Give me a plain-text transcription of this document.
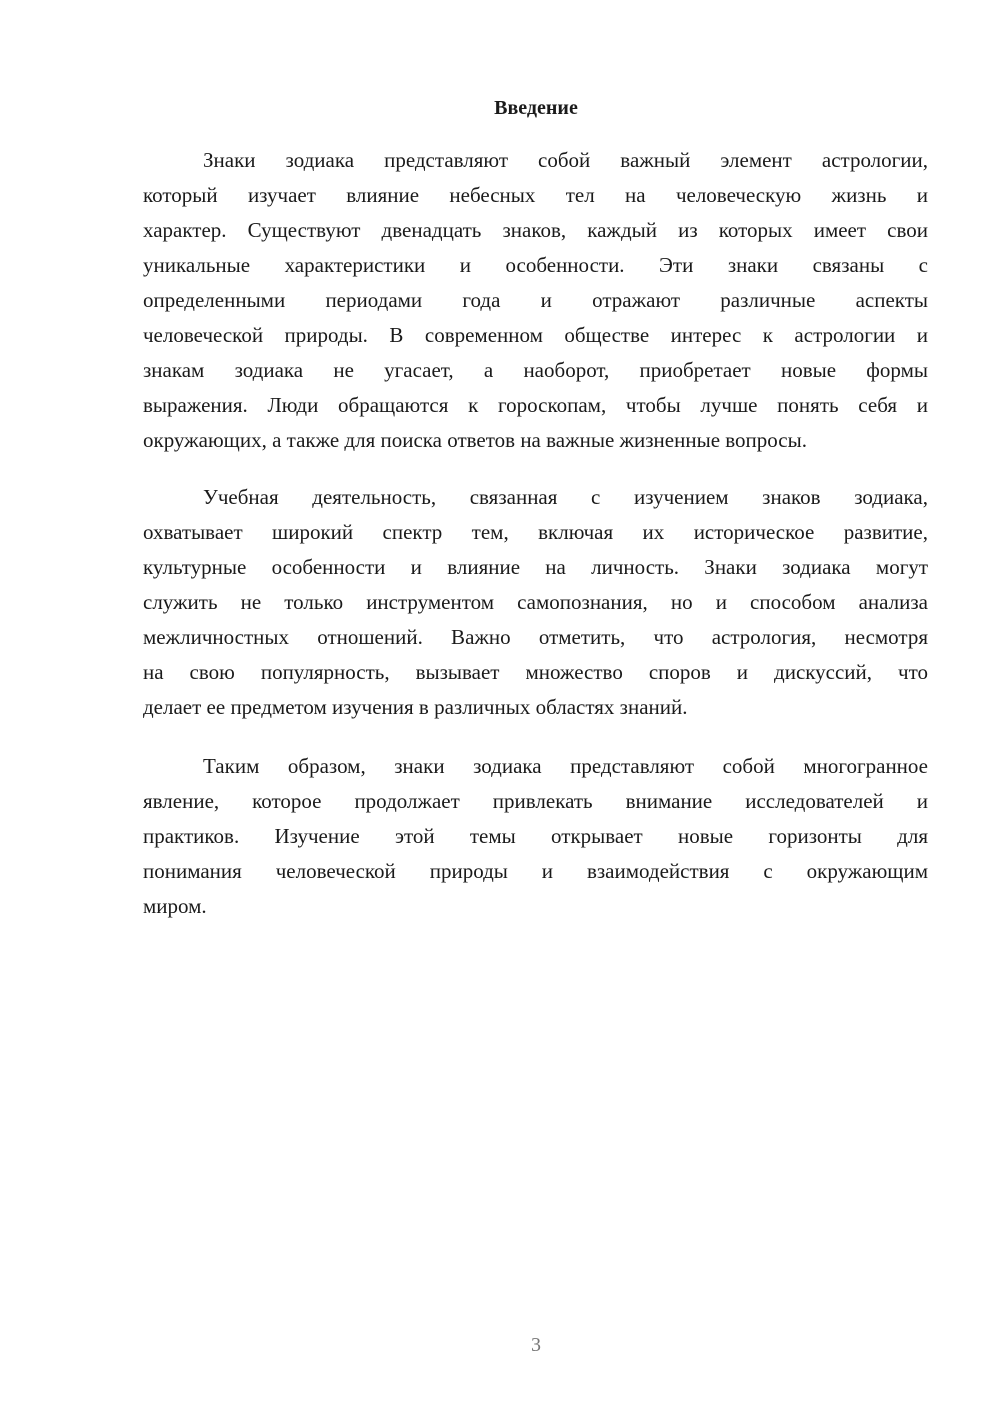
Введение
Знаки зодиака представляют собой важный элемент астрологии,
который изучает влияние небесных тел на человеческую жизнь и
характер. Существуют двенадцать знаков, каждый из которых имеет свои
уникальные характеристики и особенности. Эти знаки связаны с
определенными периодами года и отражают различные аспекты
человеческой природы. В современном обществе интерес к астрологии и
знакам зодиака не угасает, а наоборот, приобретает новые формы
выражения. Люди обращаются к гороскопам, чтобы лучше понять себя и
окружающих, а также для поиска ответов на важные жизненные вопросы.
Учебная деятельность, связанная с изучением знаков зодиака,
охватывает широкий спектр тем, включая их историческое развитие,
культурные особенности и влияние на личность. Знаки зодиака могут
служить не только инструментом самопознания, но и способом анализа
межличностных отношений. Важно отметить, что астрология, несмотря
на свою популярность, вызывает множество споров и дискуссий, что
делает ее предметом изучения в различных областях знаний.
Таким образом, знаки зодиака представляют собой многогранное
явление, которое продолжает привлекать внимание исследователей и
практиков. Изучение этой темы открывает новые горизонты для
понимания человеческой природы и взаимодействия с окружающим
миром.
3
